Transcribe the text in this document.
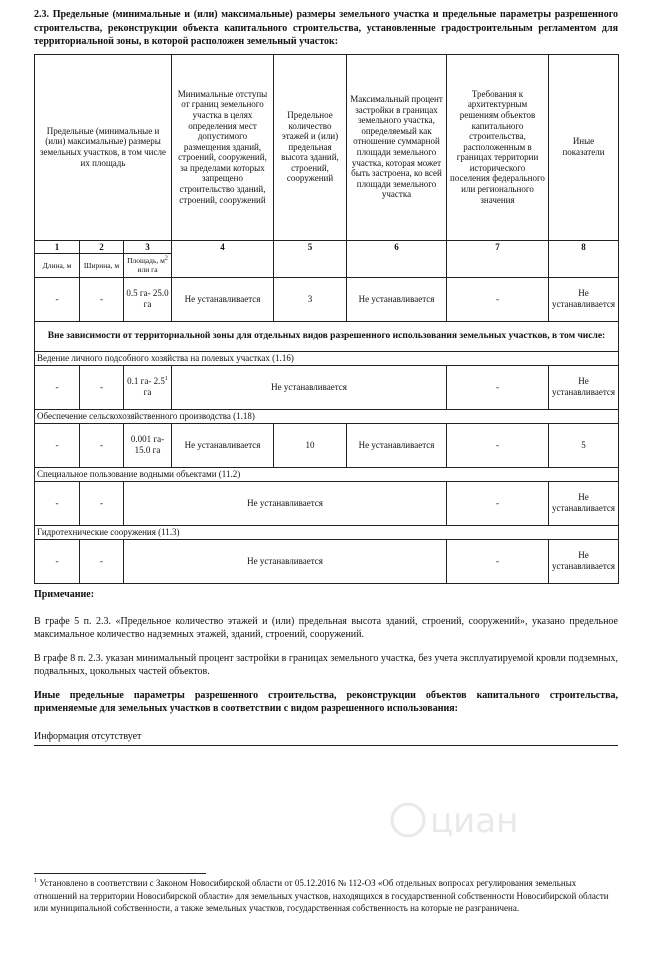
2.3. Предельные (минимальные и (или) максимальные) размеры земельного участка и предельные параметры разрешенного строительства, реконструкции объекта капитального строительства, установленные градостроительным регламентом для территориальной зоны, в которой расположен земельный участок:

Предельные (минимальные и (или) максимальные) размеры земельных участков, в том числе их площадь			Минимальные отступы от границ земельного участка в целях определения мест допустимого размещения зданий, строений, сооружений, за пределами которых запрещено строительство зданий, строений, сооружений	Предельное количество этажей и (или) предельная высота зданий, строений, сооружений	Максимальный процент застройки в границах земельного участка, определяемый как отношение суммарной площади земельного участка, которая может быть застроена, ко всей площади земельного участка	Требования к архитектурным решениям объектов капитального строительства, расположенным в границах территории исторического поселения федерального или регионального значения	Иные показатели
1	2	3	4	5	6	7	8
Длина, м	Ширина, м	Площадь, $м^2$ или га					
-	-	0.5 га- 25.0 га	Не устанавливается	3	Не устанавливается	-	Не устанавливается
Вне зависимости от территориальной зоны для отдельных видов разрешенного использования земельных участков, в том числе:							
Ведение личного подсобного хозяйства на полевых участках (1.16)							
-	-	0.1 га- $2.5^1$ га	Не устанавливается			-	Не устанавливается
Обеспечение сельскохозяйственного производства (1.18)							
-	-	0.001 га- 15.0 га	Не устанавливается	10	Не устанавливается	-	5
Специальное пользование водными объектами (11.2)							
-	-	Не устанавливается				-	Не устанавливается
Гидротехнические сооружения (11.3)							
-	-	Не устанавливается				-	Не устанавливается
Примечание:

В графе 5 п. 2.3. «Предельное количество этажей и (или) предельная высота зданий, строений, сооружений», указано предельное максимальное количество надземных этажей, зданий, строений, сооружений.

В графе 8 п. 2.3. указан минимальный процент застройки в границах земельного участка, без учета эксплуатируемой кровли подземных, подвальных, цокольных частей объектов.

Иные предельные параметры разрешенного строительства, реконструкции объектов капитального строительства, применяемые для земельных участков в соответствии с видом разрешенного использования:

Информация отсутствует
циан
$^1$ Установлено в соответствии с Законом Новосибирской области от 05.12.2016 № 112-ОЗ «Об отдельных вопросах регулирования земельных отношений на территории Новосибирской области» для земельных участков, находящихся в государственной собственности Новосибирской области или муниципальной собственности, а также земельных участков, государственная собственность на которые не разграничена.
